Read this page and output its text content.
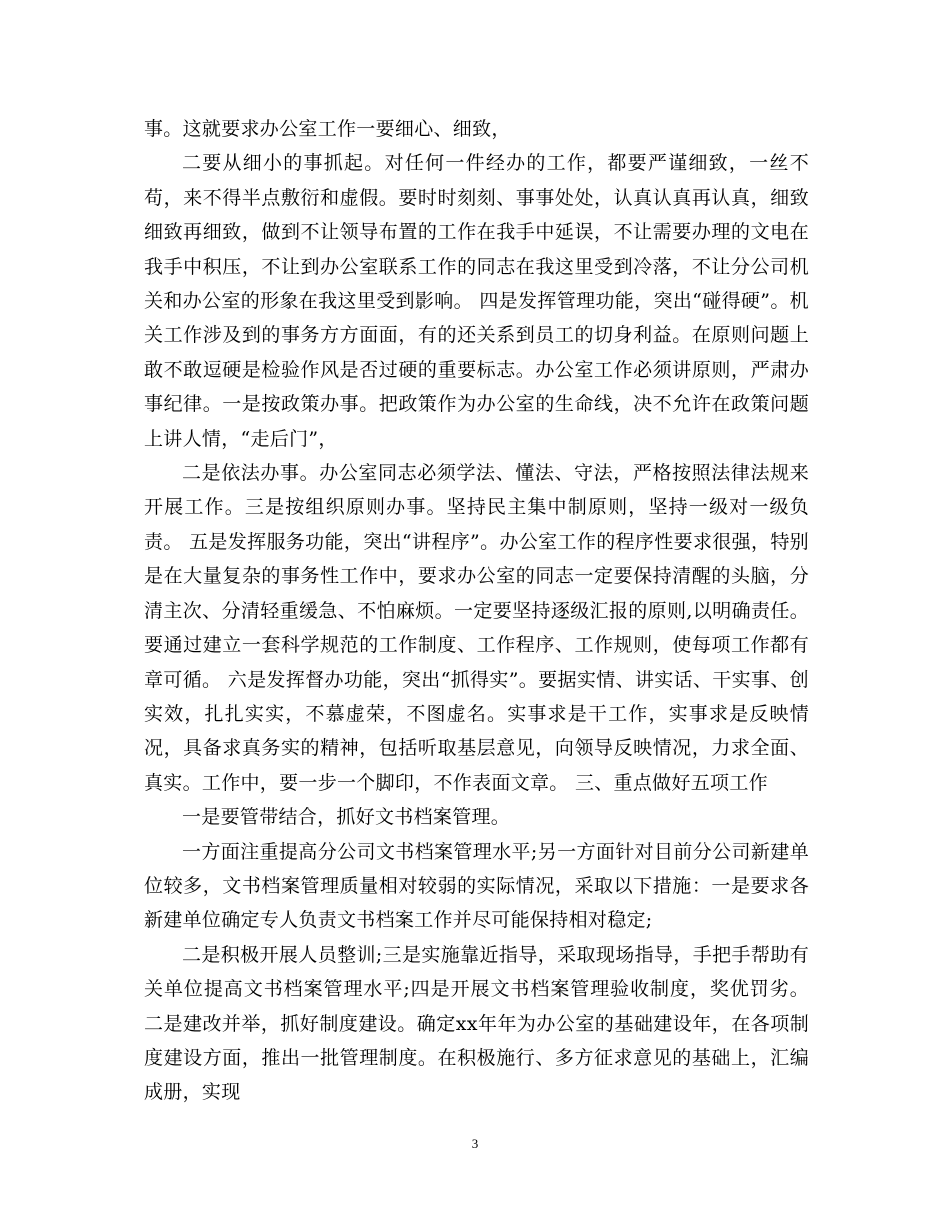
事。这就要求办公室工作一要细心、细致，

二要从细小的事抓起。对任何一件经办的工作，都要严谨细致，一丝不苟，来不得半点敷衍和虚假。要时时刻刻、事事处处，认真认真再认真，细致细致再细致，做到不让领导布置的工作在我手中延误，不让需要办理的文电在我手中积压，不让到办公室联系工作的同志在我这里受到冷落，不让分公司机关和办公室的形象在我这里受到影响。 四是发挥管理功能，突出“碰得硬”。机关工作涉及到的事务方方面面，有的还关系到员工的切身利益。在原则问题上敢不敢逗硬是检验作风是否过硬的重要标志。办公室工作必须讲原则，严肃办事纪律。一是按政策办事。把政策作为办公室的生命线，决不允许在政策问题上讲人情，“走后门”，

二是依法办事。办公室同志必须学法、懂法、守法，严格按照法律法规来开展工作。三是按组织原则办事。坚持民主集中制原则，坚持一级对一级负责。 五是发挥服务功能，突出“讲程序”。办公室工作的程序性要求很强，特别是在大量复杂的事务性工作中，要求办公室的同志一定要保持清醒的头脑，分清主次、分清轻重缓急、不怕麻烦。一定要坚持逐级汇报的原则,以明确责任。要通过建立一套科学规范的工作制度、工作程序、工作规则，使每项工作都有章可循。 六是发挥督办功能，突出“抓得实”。要据实情、讲实话、干实事、创实效，扎扎实实，不慕虚荣，不图虚名。实事求是干工作，实事求是反映情况，具备求真务实的精神，包括听取基层意见，向领导反映情况，力求全面、真实。工作中，要一步一个脚印，不作表面文章。 三、重点做好五项工作

一是要管带结合，抓好文书档案管理。

一方面注重提高分公司文书档案管理水平;另一方面针对目前分公司新建单位较多，文书档案管理质量相对较弱的实际情况，采取以下措施：一是要求各新建单位确定专人负责文书档案工作并尽可能保持相对稳定;

二是积极开展人员整训;三是实施靠近指导，采取现场指导，手把手帮助有关单位提高文书档案管理水平;四是开展文书档案管理验收制度，奖优罚劣。 二是建改并举，抓好制度建设。确定xx年年为办公室的基础建设年，在各项制度建设方面，推出一批管理制度。在积极施行、多方征求意见的基础上，汇编成册，实现

3
